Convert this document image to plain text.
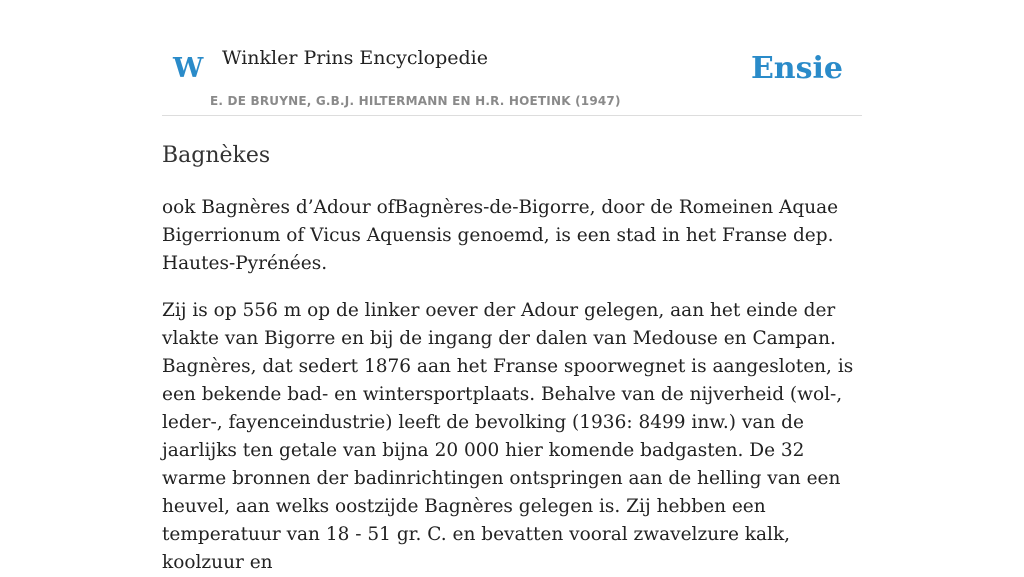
W Winkler Prins Encyclopedie
E. DE BRUYNE, G.B.J. HILTERMANN EN H.R. HOETINK (1947)
Ensie
Bagnèkes

ook Bagnères d’Adour ofBagnères-de-Bigorre, door de Romeinen Aquae Bigerrionum of Vicus Aquensis genoemd, is een stad in het Franse dep. Hautes-Pyrénées.

Zij is op 556 m op de linker oever der Adour gelegen, aan het einde der vlakte van Bigorre en bij de ingang der dalen van Medouse en Campan. Bagnères, dat sedert 1876 aan het Franse spoorwegnet is aangesloten, is een bekende bad- en wintersportplaats. Behalve van de nijverheid (wol-, leder-, fayenceindustrie) leeft de bevolking (1936: 8499 inw.) van de jaarlijks ten getale van bijna 20 000 hier komende badgasten. De 32 warme bronnen der badinrichtingen ontspringen aan de helling van een heuvel, aan welks oostzijde Bagnères gelegen is. Zij hebben een temperatuur van 18 - 51 gr. C. en bevatten vooral zwavelzure kalk, koolzuur en
